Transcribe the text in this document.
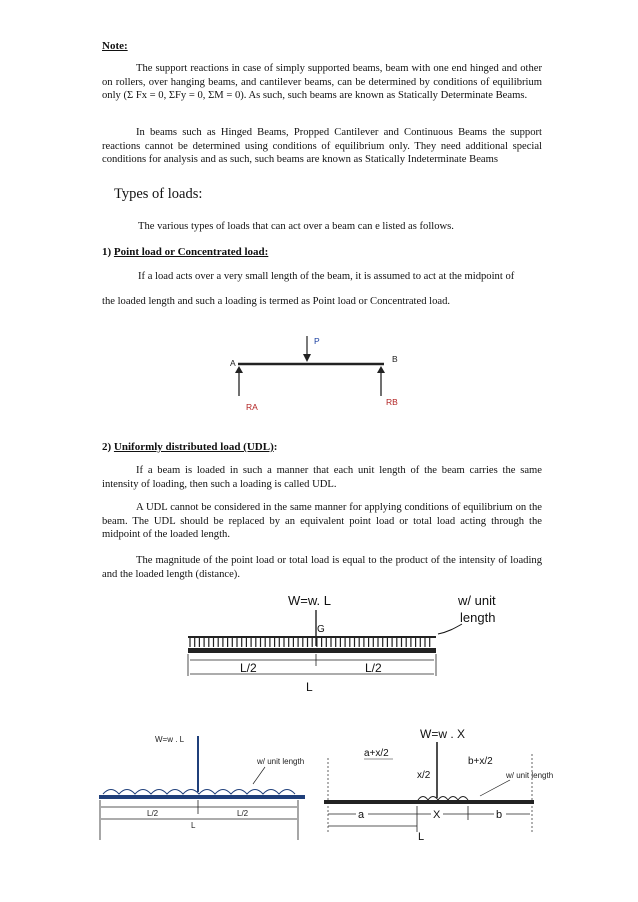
Note:
The support reactions in case of simply supported beams, beam with one end hinged and other on rollers, over hanging beams, and cantilever beams, can be determined by conditions of equilibrium only (Σ Fx = 0, ΣFy = 0, ΣM = 0). As such, such beams are known as Statically Determinate Beams.
In beams such as Hinged Beams, Propped Cantilever and Continuous Beams the support reactions cannot be determined using conditions of equilibrium only. They need additional special conditions for analysis and as such, such beams are known as Statically Indeterminate Beams
Types of loads:
The various types of loads that can act over a beam can e listed as follows.
1) Point load or Concentrated load:
If a load acts over a very small length of the beam, it is assumed to act at the midpoint of
the loaded length and such a loading is termed as Point load or Concentrated load.
P
A	B
RA	RB
2) Uniformly distributed load (UDL):
If a beam is loaded in such a manner that each unit length of the beam carries the same intensity of loading, then such a loading is called UDL.
A UDL cannot be considered in the same manner for applying conditions of equilibrium on the beam. The UDL should be replaced by an equivalent point load or total load acting through the midpoint of the loaded length.
The magnitude of the point load or total load is equal to the product of the intensity of loading and the loaded length (distance).
W=w. L	w/ unit
length
G
L/2	L/2
L
W=w . L
w/ unit length
L/2	L/2
L
W=w . X
a+x/2
b+x/2
x/2	w/ unit length
a	X	b
L
